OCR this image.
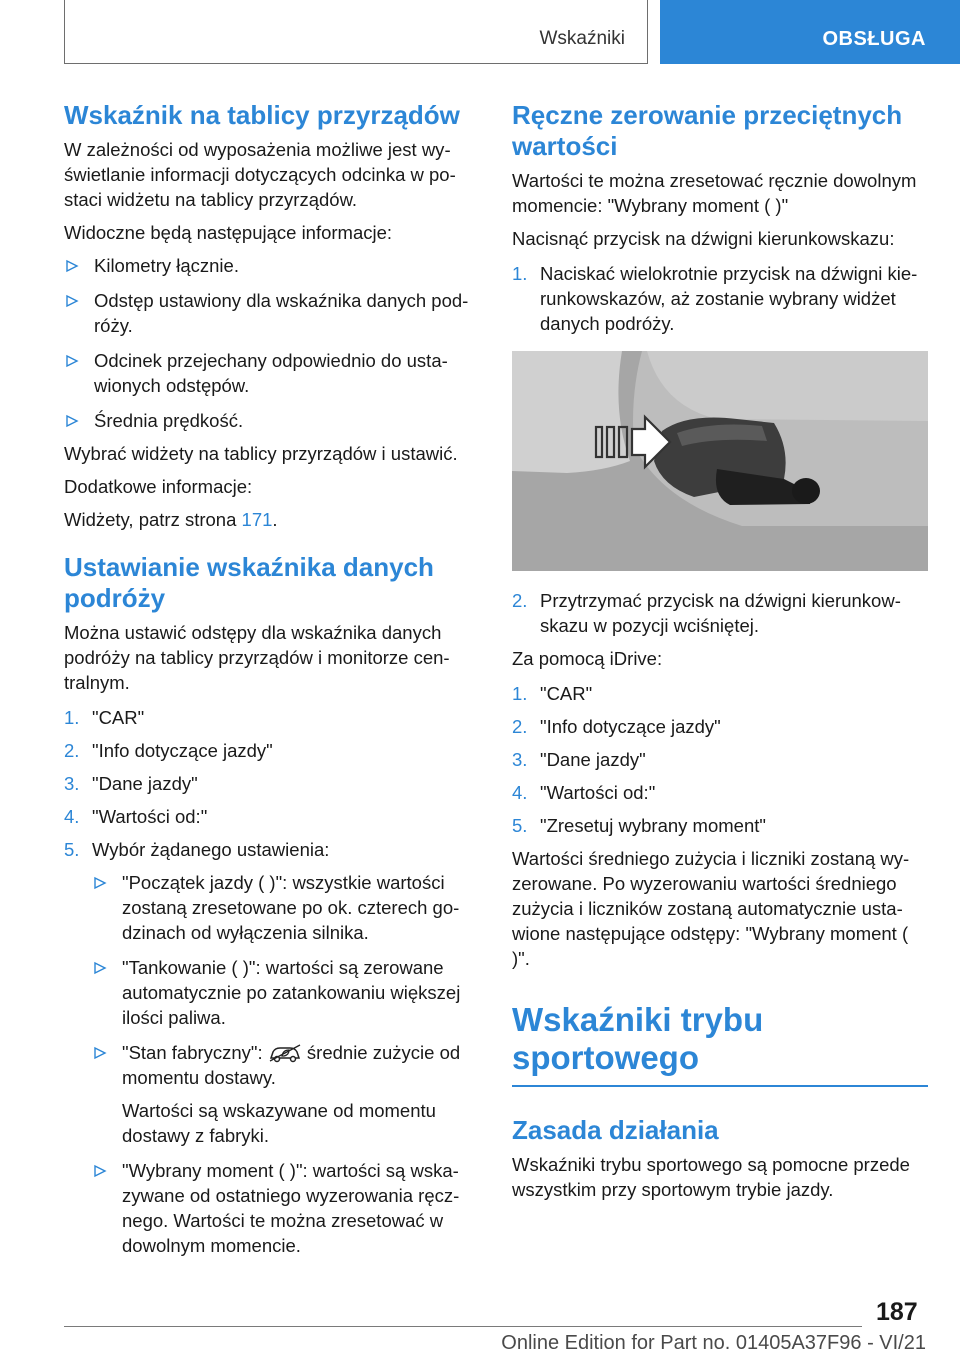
Wskaźniki	OBSŁUGA
Wskaźnik na tablicy przyrządów

W zależności od wyposażenia możliwe jest wyświetlanie informacji dotyczących odcinka w postaci widżetu na tablicy przyrządów.

Widoczne będą następujące informacje:

Kilometry łącznie.
Odstęp ustawiony dla wskaźnika danych podróży.
Odcinek przejechany odpowiednio do ustawionych odstępów.
Średnia prędkość.

Wybrać widżety na tablicy przyrządów i ustawić.

Dodatkowe informacje:

Widżety, patrz strona 171.

Ustawianie wskaźnika danych podróży

Można ustawić odstępy dla wskaźnika danych podróży na tablicy przyrządów i monitorze centralnym.

1. "CAR"
2. "Info dotyczące jazdy"
3. "Dane jazdy"
4. "Wartości od:"
5. Wybór żądanego ustawienia:
"Początek jazdy ( )": wszystkie wartości zostaną zresetowane po ok. czterech godzinach od wyłączenia silnika.
"Tankowanie ( )": wartości są zerowane automatycznie po zatankowaniu większej ilości paliwa.
"Stan fabryczny": średnie zużycie od momentu dostawy.

Wartości są wskazywane od momentu dostawy z fabryki.

"Wybrany moment ( )": wartości są wskazywane od ostatniego wyzerowania ręcznego. Wartości te można zresetować w dowolnym momencie.
Ręczne zerowanie przeciętnych wartości

Wartości te można zresetować ręcznie dowolnym momencie: "Wybrany moment ( )"

Nacisnąć przycisk na dźwigni kierunkowskazu:

1. Naciskać wielokrotnie przycisk na dźwigni kierunkowskazów, aż zostanie wybrany widżet danych podróży.
2. Przytrzymać przycisk na dźwigni kierunkowskazu w pozycji wciśniętej.

Za pomocą iDrive:

1. "CAR"
2. "Info dotyczące jazdy"
3. "Dane jazdy"
4. "Wartości od:"
5. "Zresetuj wybrany moment"

Wartości średniego zużycia i liczniki zostaną wyzerowane. Po wyzerowaniu wartości średniego zużycia i liczników zostaną automatycznie ustawione następujące odstępy: "Wybrany moment ( )".

Wskaźniki trybu sportowego
Zasada działania

Wskaźniki trybu sportowego są pomocne przede wszystkim przy sportowym trybie jazdy.

187
Online Edition for Part no. 01405A37F96 - VI/21
